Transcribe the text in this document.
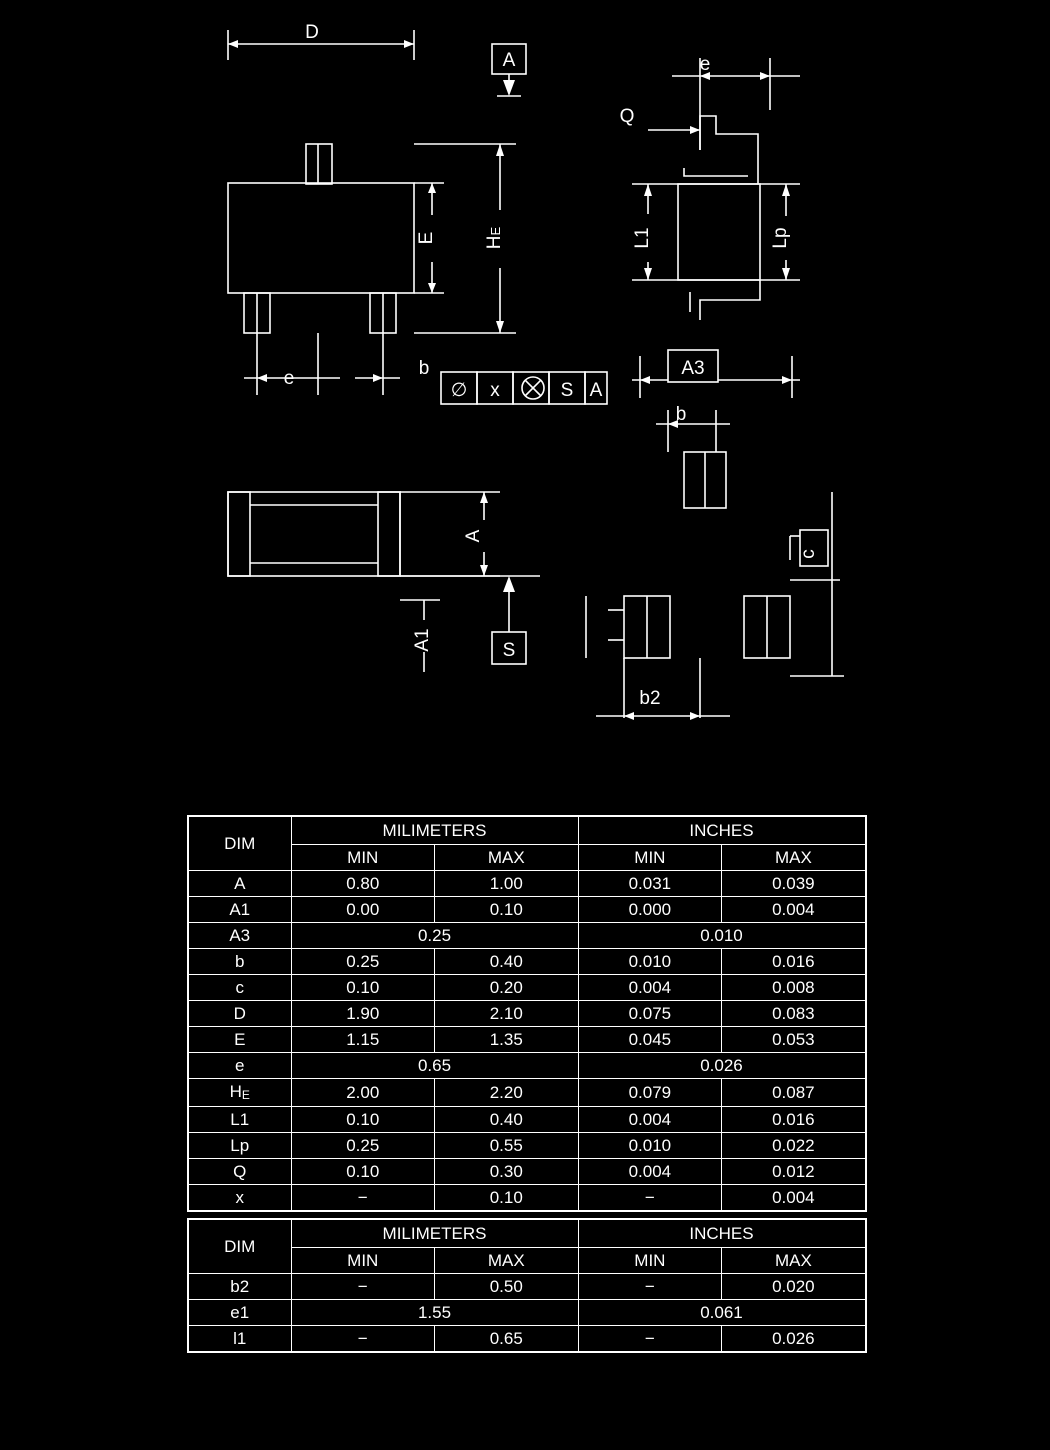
D
A	e
Q
E HE	L1	Lp
e	b	A3
b
A
A1	S
c
b2
∅ x	S A
DIM	MILIMETERS		INCHES	
	MIN	MAX	MIN	MAX
A	0.80	1.00	0.031	0.039
A1	0.00	0.10	0.000	0.004
A3	0.25		0.010	
b	0.25	0.40	0.010	0.016
c	0.10	0.20	0.004	0.008
D	1.90	2.10	0.075	0.083
E	1.15	1.35	0.045	0.053
e	0.65		0.026	
HE	2.00	2.20	0.079	0.087
L1	0.10	0.40	0.004	0.016
Lp	0.25	0.55	0.010	0.022
Q	0.10	0.30	0.004	0.012
x	−	0.10	−	0.004
DIM	MILIMETERS		INCHES	
	MIN	MAX	MIN	MAX
b2	−	0.50	−	0.020
e1	1.55		0.061	
l1	−	0.65	−	0.026
